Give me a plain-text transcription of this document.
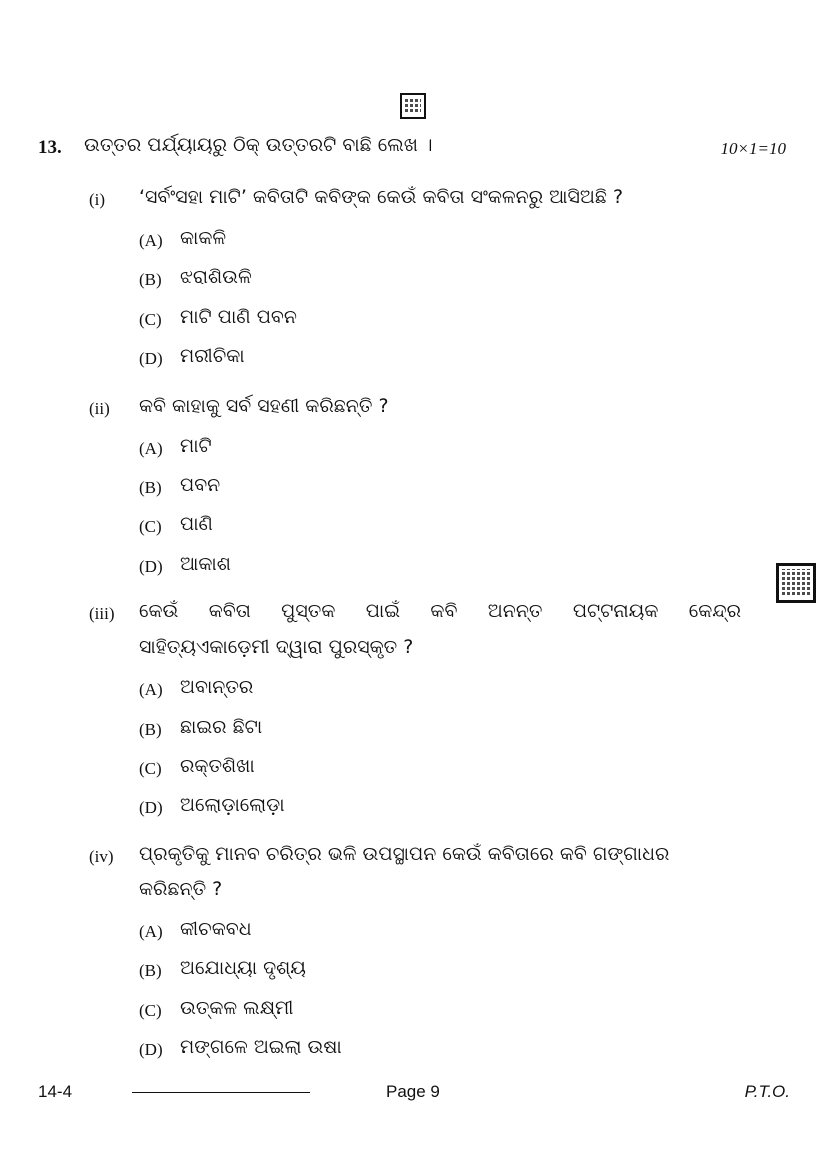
13. ଉତ୍ତର ପର୍ଯ୍ୟାୟରୁ ଠିକ୍ ଉତ୍ତରଟି ବାଛି ଲେଖ ।	10×1=10
(i) ‘ସର୍ବଂସହା ମାଟି’ କବିତାଟି କବିଙ୍କ କେଉଁ କବିତା ସଂକଳନରୁ ଆସିଅଛି ?
(A) କାକଳି
(B) ଝରାଶିଉଳି
(C) ମାଟି ପାଣି ପବନ
(D) ମରୀଚିକା
(ii) କବି କାହାକୁ ସର୍ବ ସହଣୀ କରିଛନ୍ତି ?
(A) ମାଟି
(B) ପବନ
(C) ପାଣି
(D) ଆକାଶ
(iii) କେଉଁ କବିତା ପୁସ୍ତକ ପାଇଁ କବି ଅନନ୍ତ ପଟ୍ଟନାୟକ କେନ୍ଦ୍ର
ସାହିତ୍ୟଏକାଡ଼େମୀ ଦ୍ୱାରା ପୁରସ୍କୃତ ?
(A) ଅବାନ୍ତର
(B) ଛାଇର ଛିଟା
(C) ରକ୍ତଶିଖା
(D) ଅଲୋଡ଼ାଲୋଡ଼ା
(iv) ପ୍ରକୃତିକୁ ମାନବ ଚରିତ୍ର ଭଳି ଉପସ୍ଥାପନ କେଉଁ କବିତାରେ କବି ଗଙ୍ଗାଧର
କରିଛନ୍ତି ?
(A) କୀଚକବଧ
(B) ଅଯୋଧ୍ୟା ଦୃଶ୍ୟ
(C) ଉତ୍କଳ ଲକ୍ଷ୍ମୀ
(D) ମଙ୍ଗଳେ ଅଇଲା ଉଷା
14-4	Page 9	P.T.O.
